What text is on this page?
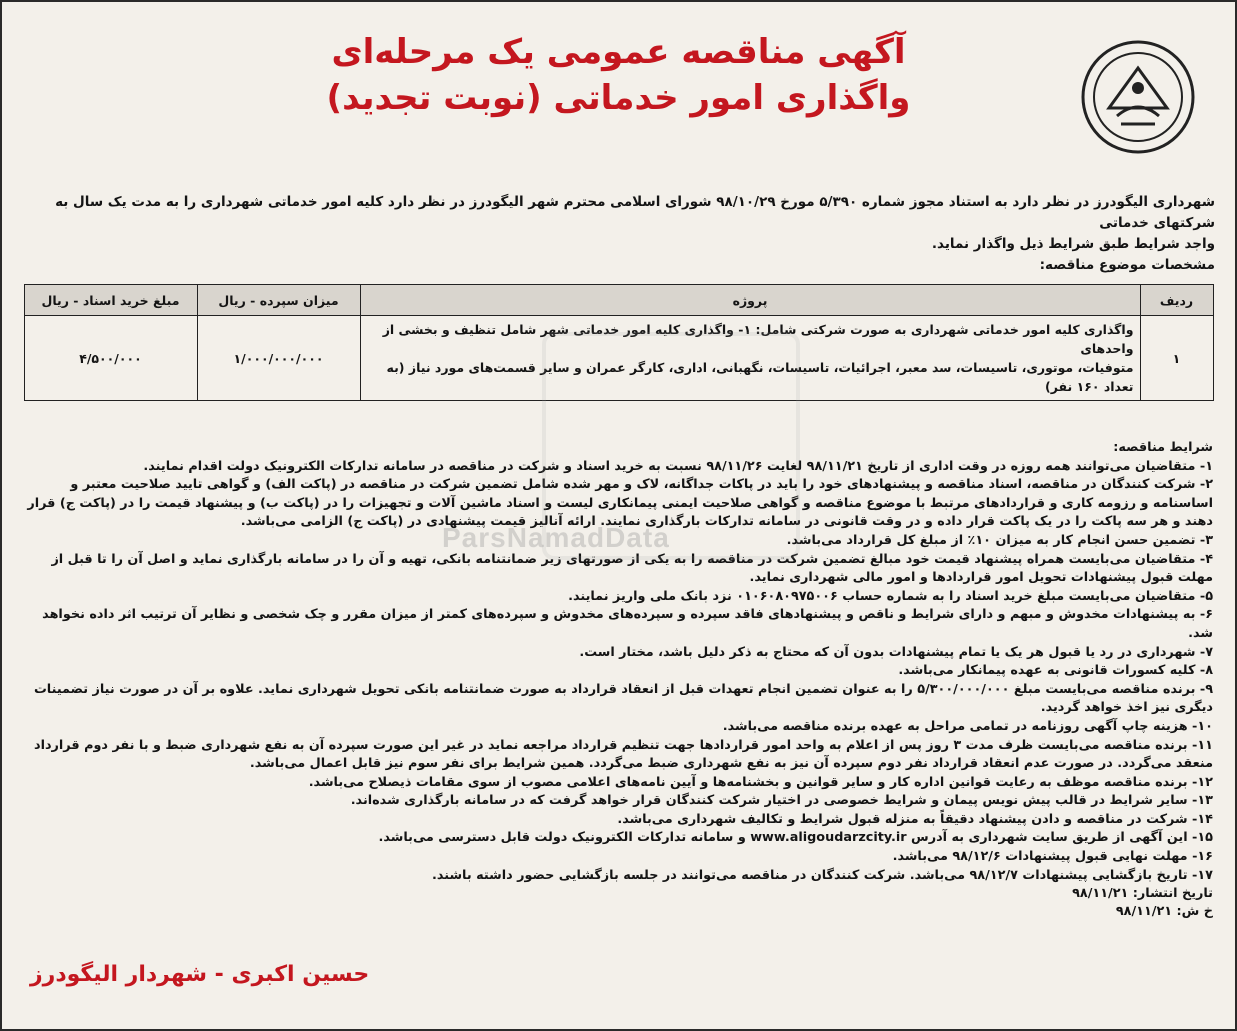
آگهی مناقصه عمومی یک مرحله‌ای
واگذاری امور خدماتی (نوبت تجدید)

شهرداری الیگودرز در نظر دارد به استناد مجوز شماره ۵/۳۹۰ مورخ ۹۸/۱۰/۲۹ شورای اسلامی محترم شهر الیگودرز در نظر دارد کلیه امور خدماتی شهرداری را به مدت یک سال به شرکتهای خدماتی

واجد شرایط طبق شرایط ذیل واگذار نماید.

مشخصات موضوع مناقصه:

ردیف	پروژه	میزان سپرده - ریال	مبلغ خرید اسناد - ریال
۱	واگذاری کلیه امور خدماتی شهرداری به صورت شرکتی شامل: ۱- واگذاری کلیه امور خدماتی شهر شامل تنظیف و بخشی از واحدهای
متوفیات، موتوری، تاسیسات، سد معبر، اجرائیات، تاسیسات، نگهبانی، اداری، کارگر عمران و سایر قسمت‌های مورد نیاز (به تعداد ۱۶۰ نفر)	۱/۰۰۰/۰۰۰/۰۰۰	۴/۵۰۰/۰۰۰
ParsNamadData

شرایط مناقصه:

۱- متقاضیان می‌توانند همه روزه در وقت اداری از تاریخ ۹۸/۱۱/۲۱ لغایت ۹۸/۱۱/۲۶ نسبت به خرید اسناد و شرکت در مناقصه در سامانه تدارکات الکترونیک دولت اقدام نمایند.
۲- شرکت کنندگان در مناقصه، اسناد مناقصه و پیشنهادهای خود را باید در پاکات جداگانه، لاک و مهر شده شامل تضمین شرکت در مناقصه در (پاکت الف) و گواهی تایید صلاحیت معتبر و اساسنامه و رزومه کاری و قراردادهای مرتبط با موضوع مناقصه و گواهی صلاحیت ایمنی پیمانکاری لیست و اسناد ماشین آلات و تجهیزات را در (پاکت ب) و پیشنهاد قیمت را در (پاکت ج) قرار دهند و هر سه پاکت را در یک پاکت قرار داده و در وقت قانونی در سامانه تدارکات بارگذاری نمایند. ارائه آنالیز قیمت پیشنهادی در (پاکت ج) الزامی می‌باشد.
۳- تضمین حسن انجام کار به میزان ۱۰٪ از مبلغ کل قرارداد می‌باشد.
۴- متقاضیان می‌بایست همراه پیشنهاد قیمت خود مبالغ تضمین شرکت در مناقصه را به یکی از صورتهای زیر ضمانتنامه بانکی، تهیه و آن را در سامانه بارگذاری نماید و اصل آن را تا قبل از مهلت قبول پیشنهادات تحویل امور قراردادها و امور مالی شهرداری نماید.
۵- متقاضیان می‌بایست مبلغ خرید اسناد را به شماره حساب ۰۱۰۶۰۸۰۹۷۵۰۰۶ نزد بانک ملی واریز نمایند.
۶- به پیشنهادات مخدوش و مبهم و دارای شرایط و ناقص و پیشنهادهای فاقد سپرده و سپرده‌های مخدوش و سپرده‌های کمتر از میزان مقرر و چک شخصی و نظایر آن ترتیب اثر داده نخواهد شد.
۷- شهرداری در رد یا قبول هر یک یا تمام پیشنهادات بدون آن که محتاج به ذکر دلیل باشد، مختار است.
۸- کلیه کسورات قانونی به عهده پیمانکار می‌باشد.
۹- برنده مناقصه می‌بایست مبلغ ۵/۳۰۰/۰۰۰/۰۰۰ را به عنوان تضمین انجام تعهدات قبل از انعقاد قرارداد به صورت ضمانتنامه بانکی تحویل شهرداری نماید. علاوه بر آن در صورت نیاز تضمینات دیگری نیز اخذ خواهد گردید.
۱۰- هزینه چاپ آگهی روزنامه در تمامی مراحل به عهده برنده مناقصه می‌باشد.
۱۱- برنده مناقصه می‌بایست ظرف مدت ۳ روز پس از اعلام به واحد امور قراردادها جهت تنظیم قرارداد مراجعه نماید در غیر این صورت سپرده آن به نفع شهرداری ضبط و با نفر دوم قرارداد منعقد می‌گردد. در صورت عدم انعقاد قرارداد نفر دوم سپرده آن نیز به نفع شهرداری ضبط می‌گردد. همین شرایط برای نفر سوم نیز قابل اعمال می‌باشد.
۱۲- برنده مناقصه موظف به رعایت قوانین اداره کار و سایر قوانین و بخشنامه‌ها و آیین نامه‌های اعلامی مصوب از سوی مقامات ذیصلاح می‌باشد.
۱۳- سایر شرایط در قالب پیش نویس پیمان و شرایط خصوصی در اختیار شرکت کنندگان قرار خواهد گرفت که در سامانه بارگذاری شده‌اند.
۱۴- شرکت در مناقصه و دادن پیشنهاد دقیقاً به منزله قبول شرایط و تکالیف شهرداری می‌باشد.
۱۵- این آگهی از طریق سایت شهرداری به آدرس www.aligoudarzcity.ir و سامانه تدارکات الکترونیک دولت قابل دسترسی می‌باشد.
۱۶- مهلت نهایی قبول پیشنهادات ۹۸/۱۲/۶ می‌باشد.
۱۷- تاریخ بازگشایی پیشنهادات ۹۸/۱۲/۷ می‌باشد. شرکت کنندگان در مناقصه می‌توانند در جلسه بازگشایی حضور داشته باشند.
تاریخ انتشار: ۹۸/۱۱/۲۱
خ ش: ۹۸/۱۱/۲۱
حسین اکبری - شهردار الیگودرز
